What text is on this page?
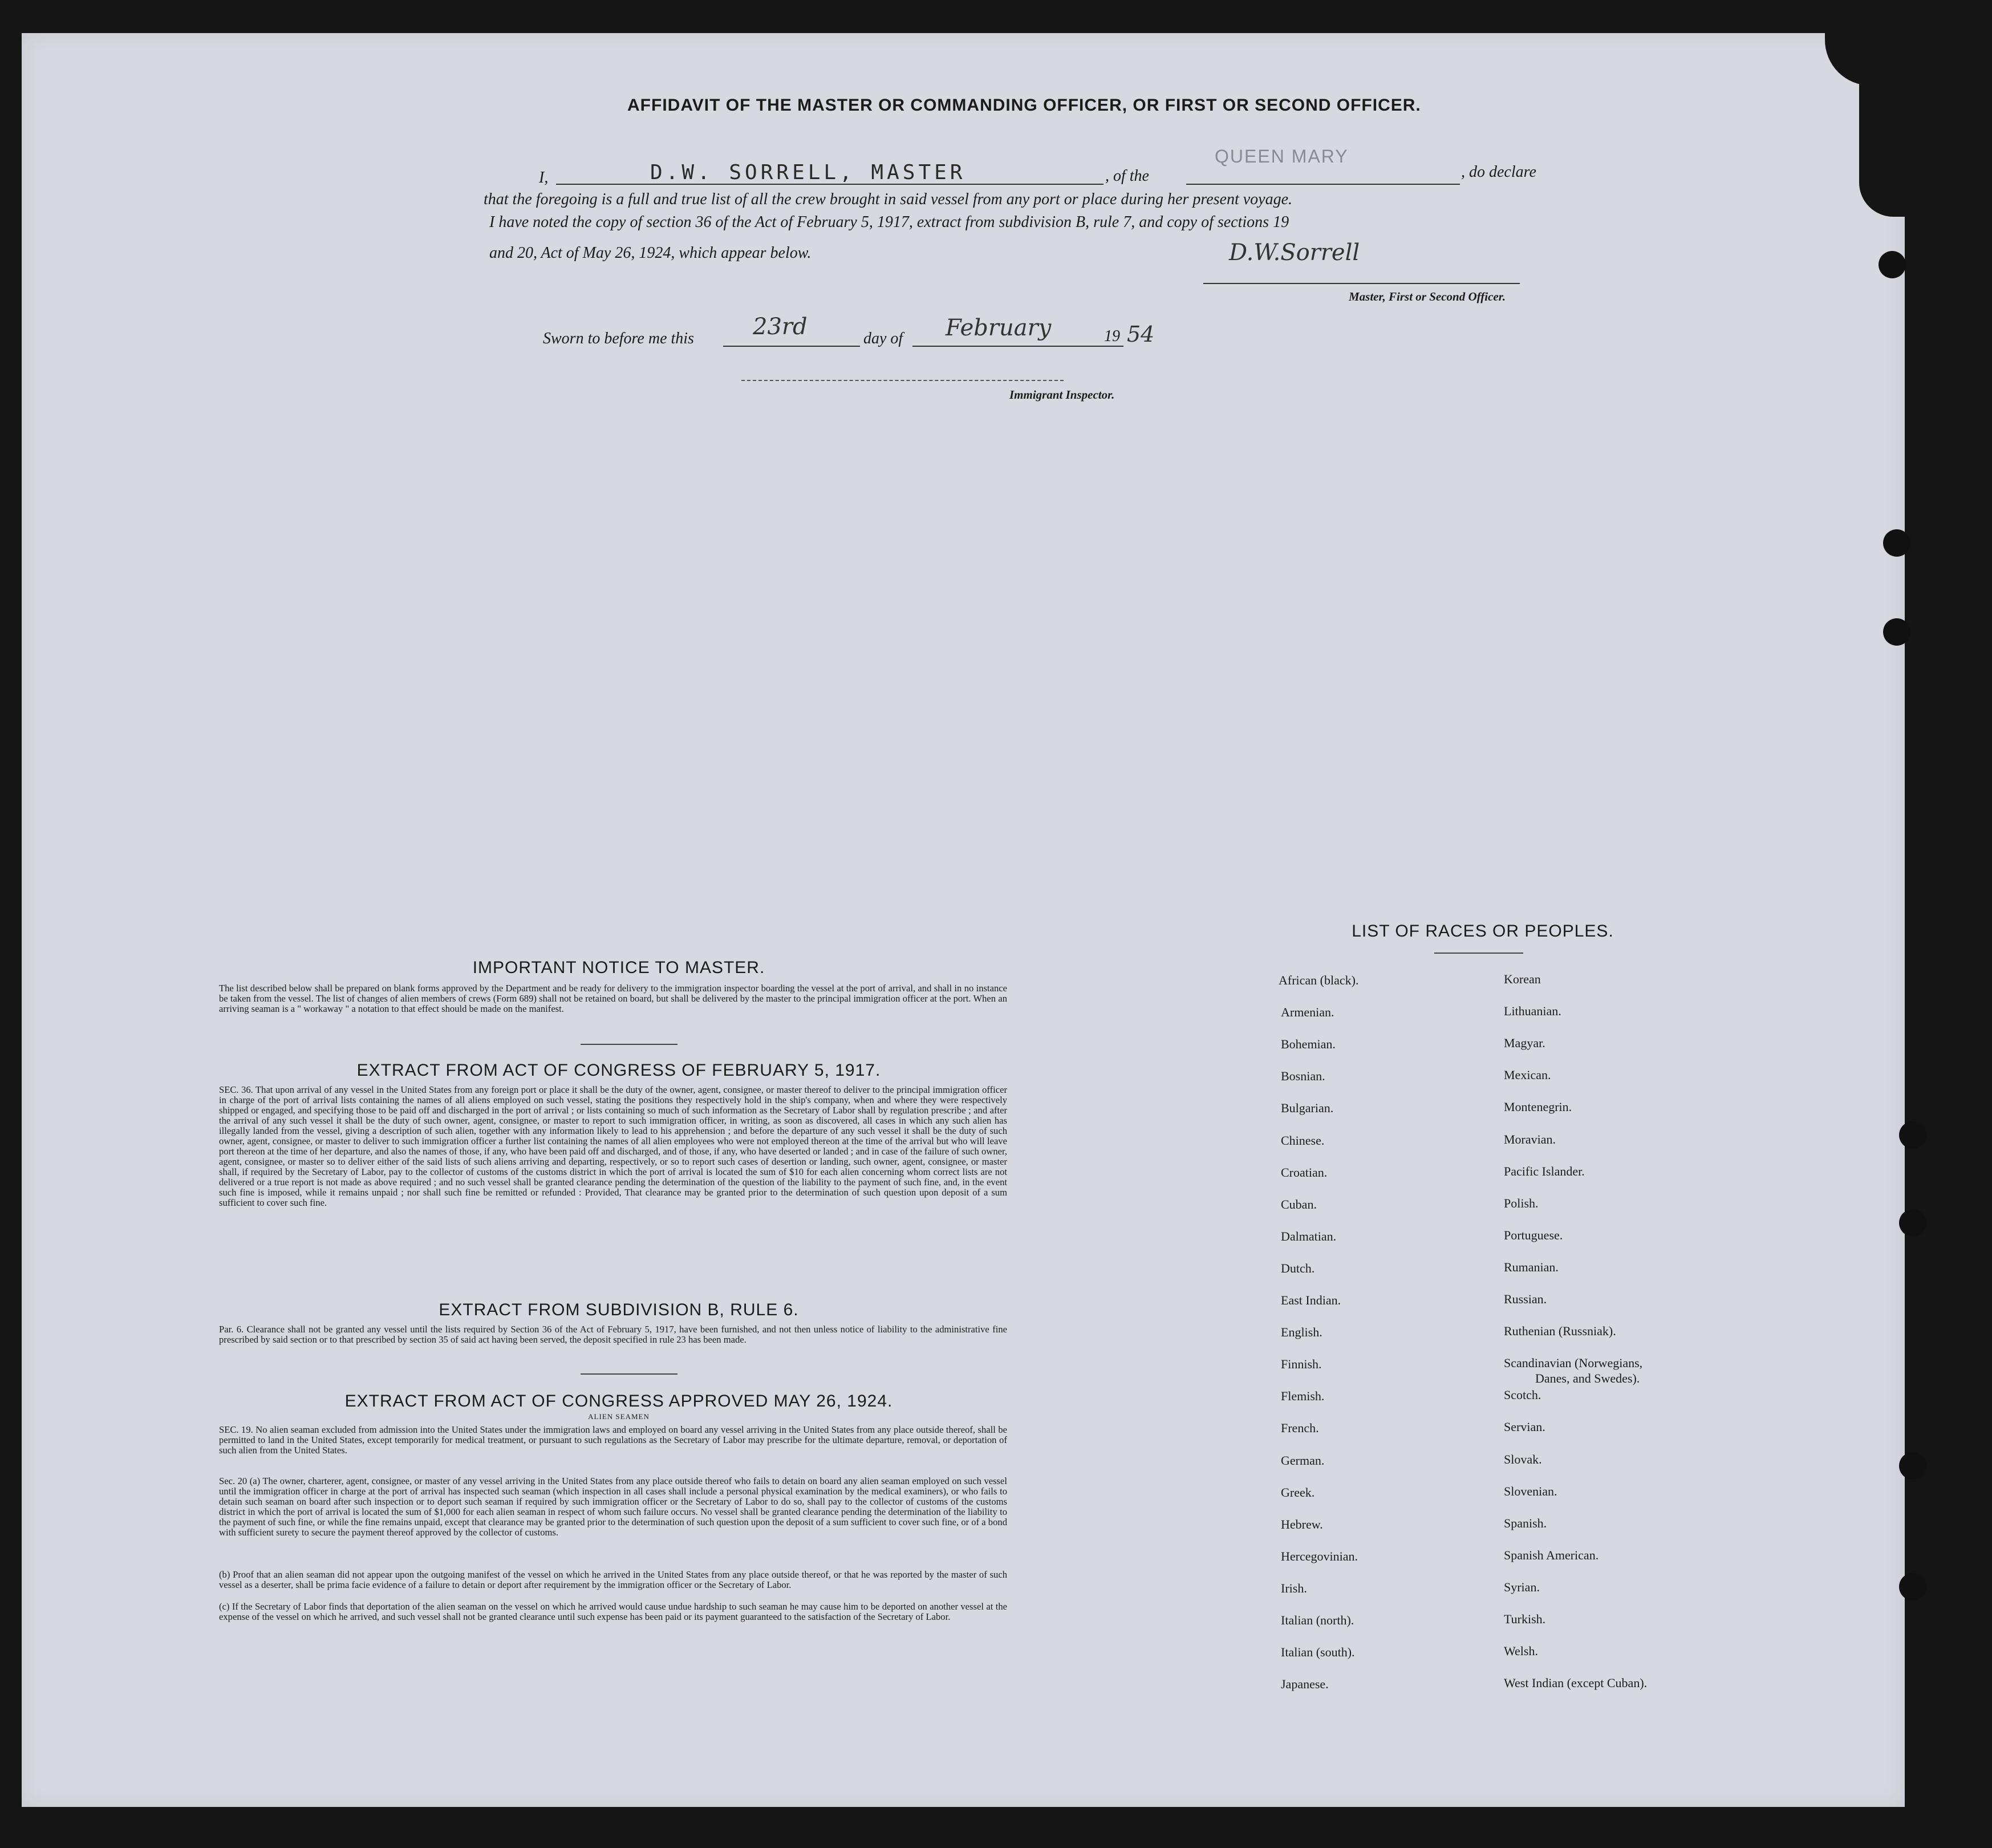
AFFIDAVIT OF THE MASTER OR COMMANDING OFFICER, OR FIRST OR SECOND OFFICER.
I,	D.W. SORRELL, MASTER	, of the
QUEEN MARY
, do declare
that the foregoing is a full and true list of all the crew brought in said vessel from any port or place during her present voyage.
I have noted the copy of section 36 of the Act of February 5, 1917, extract from subdivision B, rule 7, and copy of sections 19
and 20, Act of May 26, 1924, which appear below.	D.W.Sorrell
Master, First or Second Officer.
Sworn to before me this	23rd	day of February	19 54
Immigrant Inspector.
IMPORTANT NOTICE TO MASTER.
The list described below shall be prepared on blank forms approved by the Department and be ready for delivery to the immigration inspector boarding the vessel at the port of arrival, and shall in no instance be taken from the vessel. The list of changes of alien members of crews (Form 689) shall not be retained on board, but shall be delivered by the master to the principal immigration officer at the port. When an arriving seaman is a " workaway " a notation to that effect should be made on the manifest.
EXTRACT FROM ACT OF CONGRESS OF FEBRUARY 5, 1917.
SEC. 36. That upon arrival of any vessel in the United States from any foreign port or place it shall be the duty of the owner, agent, consignee, or master thereof to deliver to the principal immigration officer in charge of the port of arrival lists containing the names of all aliens employed on such vessel, stating the positions they respectively hold in the ship's company, when and where they were respectively shipped or engaged, and specifying those to be paid off and discharged in the port of arrival ; or lists containing so much of such information as the Secretary of Labor shall by regulation prescribe ; and after the arrival of any such vessel it shall be the duty of such owner, agent, consignee, or master to report to such immigration officer, in writing, as soon as discovered, all cases in which any such alien has illegally landed from the vessel, giving a description of such alien, together with any information likely to lead to his apprehension ; and before the departure of any such vessel it shall be the duty of such owner, agent, consignee, or master to deliver to such immigration officer a further list containing the names of all alien employees who were not employed thereon at the time of the arrival but who will leave port thereon at the time of her departure, and also the names of those, if any, who have been paid off and discharged, and of those, if any, who have deserted or landed ; and in case of the failure of such owner, agent, consignee, or master so to deliver either of the said lists of such aliens arriving and departing, respectively, or so to report such cases of desertion or landing, such owner, agent, consignee, or master shall, if required by the Secretary of Labor, pay to the collector of customs of the customs district in which the port of arrival is located the sum of $10 for each alien concerning whom correct lists are not delivered or a true report is not made as above required ; and no such vessel shall be granted clearance pending the determination of the question of the liability to the payment of such fine, and, in the event such fine is imposed, while it remains unpaid ; nor shall such fine be remitted or refunded : Provided, That clearance may be granted prior to the determination of such question upon deposit of a sum sufficient to cover such fine.
EXTRACT FROM SUBDIVISION B, RULE 6.
Par. 6. Clearance shall not be granted any vessel until the lists required by Section 36 of the Act of February 5, 1917, have been furnished, and not then unless notice of liability to the administrative fine prescribed by said section or to that prescribed by section 35 of said act having been served, the deposit specified in rule 23 has been made.
EXTRACT FROM ACT OF CONGRESS APPROVED MAY 26, 1924.
ALIEN SEAMEN
SEC. 19. No alien seaman excluded from admission into the United States under the immigration laws and employed on board any vessel arriving in the United States from any place outside thereof, shall be permitted to land in the United States, except temporarily for medical treatment, or pursuant to such regulations as the Secretary of Labor may prescribe for the ultimate departure, removal, or deportation of such alien from the United States.
Sec. 20 (a) The owner, charterer, agent, consignee, or master of any vessel arriving in the United States from any place outside thereof who fails to detain on board any alien seaman employed on such vessel until the immigration officer in charge at the port of arrival has inspected such seaman (which inspection in all cases shall include a personal physical examination by the medical examiners), or who fails to detain such seaman on board after such inspection or to deport such seaman if required by such immigration officer or the Secretary of Labor to do so, shall pay to the collector of customs of the customs district in which the port of arrival is located the sum of $1,000 for each alien seaman in respect of whom such failure occurs. No vessel shall be granted clearance pending the determination of the liability to the payment of such fine, or while the fine remains unpaid, except that clearance may be granted prior to the determination of such question upon the deposit of a sum sufficient to cover such fine, or of a bond with sufficient surety to secure the payment thereof approved by the collector of customs.
(b) Proof that an alien seaman did not appear upon the outgoing manifest of the vessel on which he arrived in the United States from any place outside thereof, or that he was reported by the master of such vessel as a deserter, shall be prima facie evidence of a failure to detain or deport after requirement by the immigration officer or the Secretary of Labor.
(c) If the Secretary of Labor finds that deportation of the alien seaman on the vessel on which he arrived would cause undue hardship to such seaman he may cause him to be deported on another vessel at the expense of the vessel on which he arrived, and such vessel shall not be granted clearance until such expense has been paid or its payment guaranteed to the satisfaction of the Secretary of Labor.
LIST OF RACES OR PEOPLES.
African (black).
Armenian.
Bohemian.
Bosnian.
Bulgarian.
Chinese.
Croatian.
Cuban.
Dalmatian.
Dutch.
East Indian.
English.
Finnish.
Flemish.
French.
German.
Greek.
Hebrew.
Hercegovinian.
Irish.
Italian (north).
Italian (south).
Japanese.
Korean
Lithuanian.
Magyar.
Mexican.
Montenegrin.
Moravian.
Pacific Islander.
Polish.
Portuguese.
Rumanian.
Russian.
Ruthenian (Russniak).
Scandinavian (Norwegians,
Scotch.
Servian.
Slovak.
Slovenian.
Spanish.
Spanish American.
Syrian.
Turkish.
Welsh.
West Indian (except Cuban).
Danes, and Swedes).
